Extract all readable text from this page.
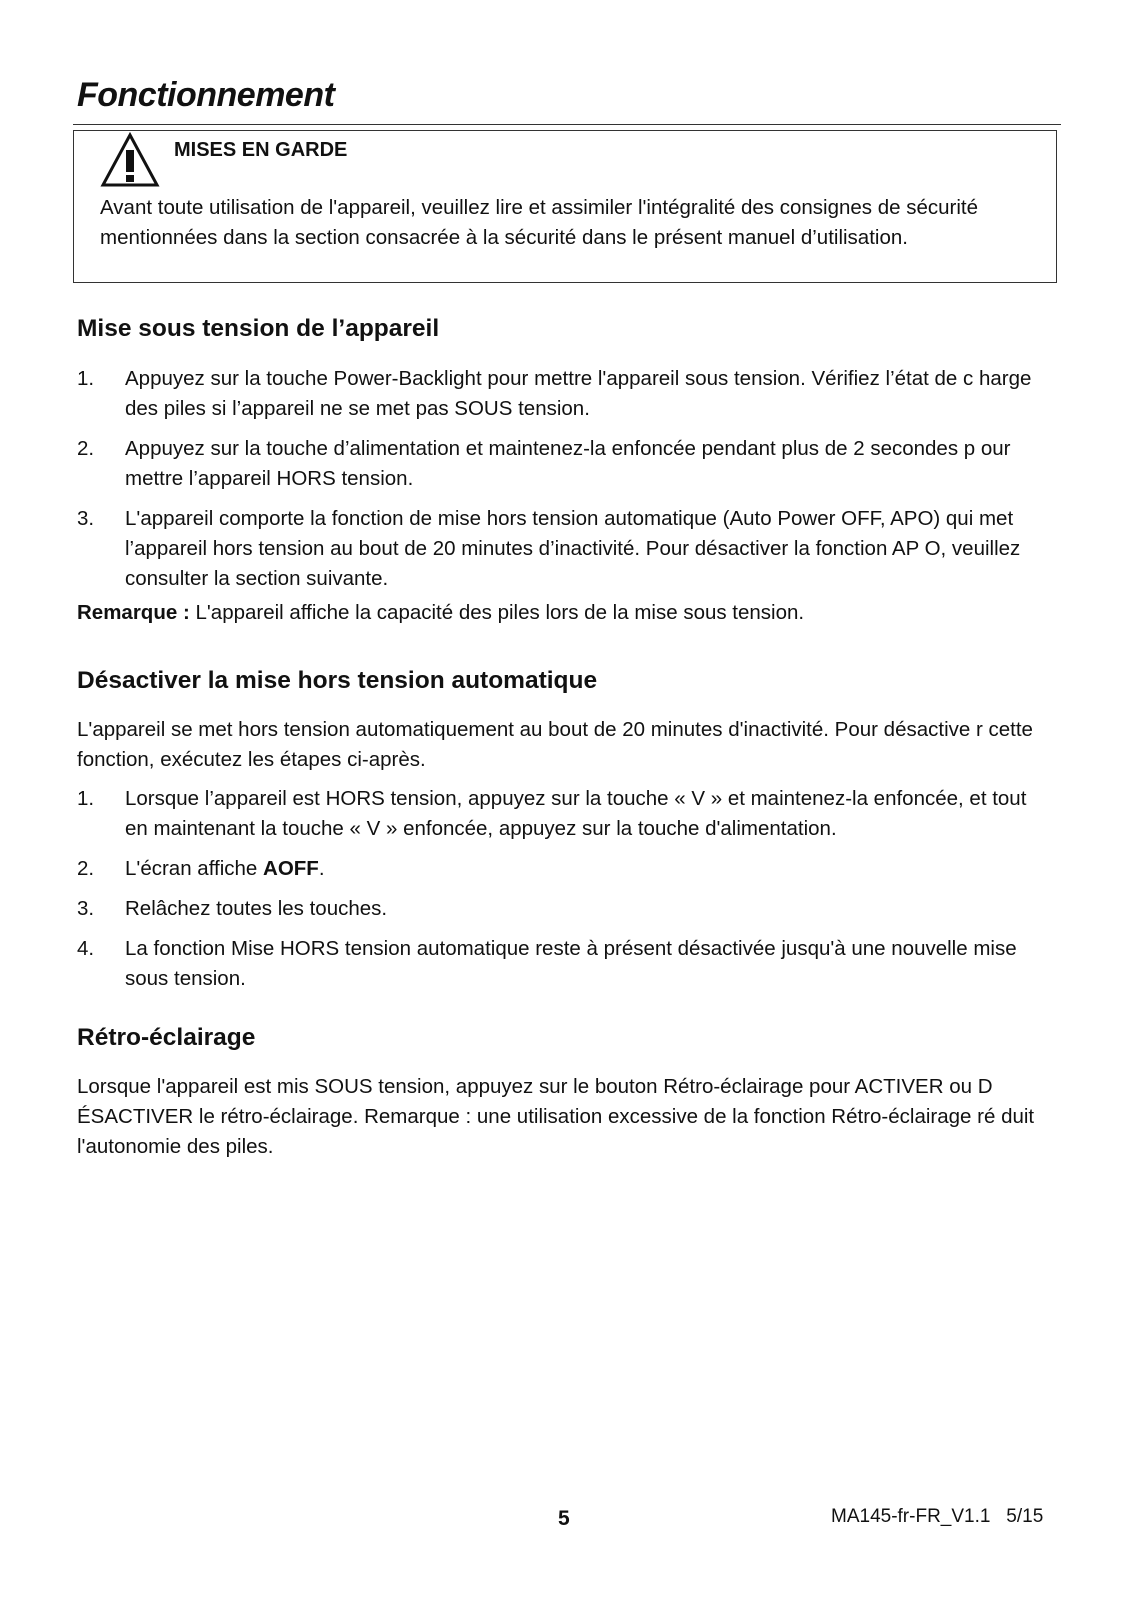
Fonctionnement
MISES EN GARDE
Avant toute utilisation de l'appareil, veuillez lire et assimiler l'intégralité des consignes de sécurité mentionnées dans la section consacrée à la sécurité dans le présent manuel d’utilisation.
Mise sous tension de l’appareil
1. Appuyez sur la touche Power-Backlight pour mettre l'appareil sous tension. Vérifiez l’état de c harge des piles si l’appareil ne se met pas SOUS tension.
2. Appuyez sur la touche d’alimentation et maintenez-la enfoncée pendant plus de 2 secondes p our mettre l’appareil HORS tension.
3. L'appareil comporte la fonction de mise hors tension automatique (Auto Power OFF, APO) qui met l’appareil hors tension au bout de 20 minutes d’inactivité. Pour désactiver la fonction AP O, veuillez consulter la section suivante.

Remarque : L'appareil affiche la capacité des piles lors de la mise sous tension.

Désactiver la mise hors tension automatique

L'appareil se met hors tension automatiquement au bout de 20 minutes d'inactivité. Pour désactive r cette fonction, exécutez les étapes ci-après.

1. Lorsque l’appareil est HORS tension, appuyez sur la touche « V » et maintenez-la enfoncée, et tout en maintenant la touche « V » enfoncée, appuyez sur la touche d'alimentation.
2. L'écran affiche AOFF.
3. Relâchez toutes les touches.
4. La fonction Mise HORS tension automatique reste à présent désactivée jusqu'à une nouvelle mise sous tension.
Rétro-éclairage

Lorsque l'appareil est mis SOUS tension, appuyez sur le bouton Rétro-éclairage pour ACTIVER ou D ÉSACTIVER le rétro-éclairage. Remarque : une utilisation excessive de la fonction Rétro-éclairage ré duit l'autonomie des piles.

5	MA145-fr-FR_V1.1   5/15
